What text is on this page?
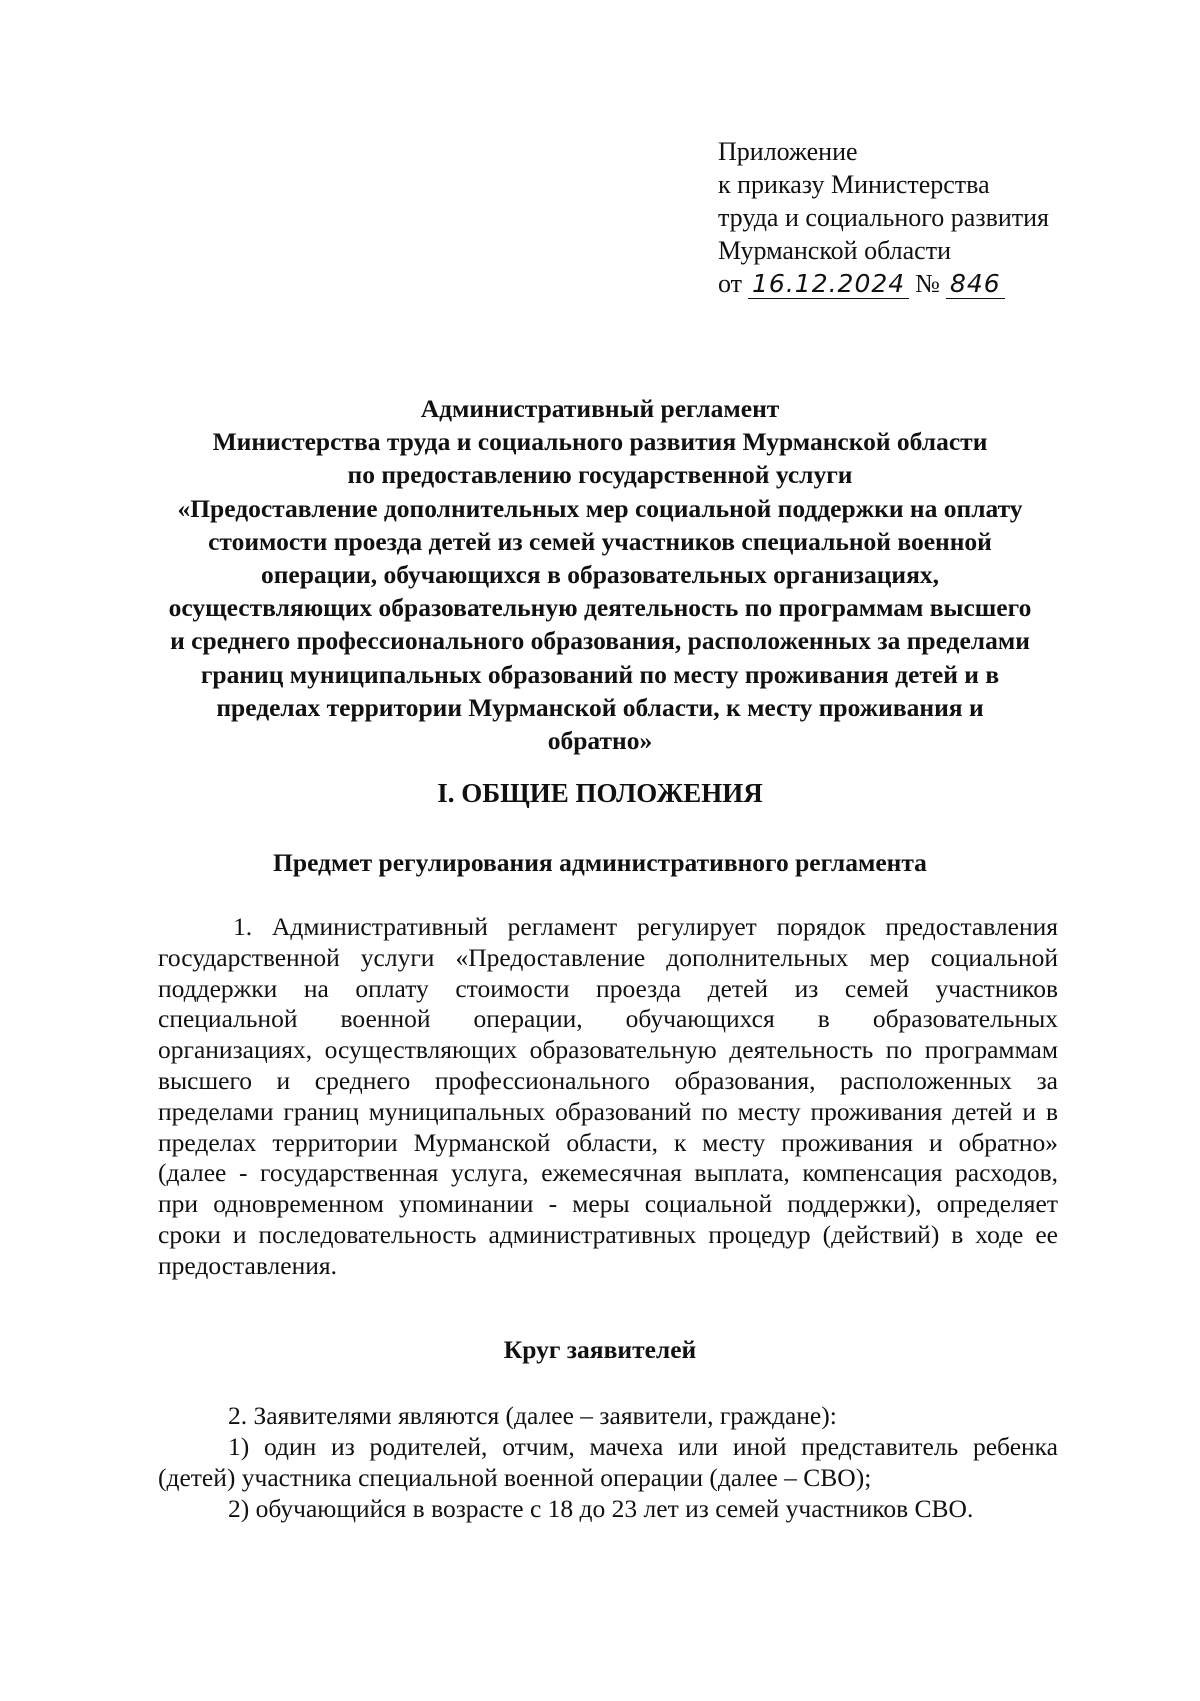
Приложение
к приказу Министерства
труда и социального развития
Мурманской области
от 16.12.2024 № 846
Административный регламент
Министерства труда и социального развития Мурманской области
по предоставлению государственной услуги
«Предоставление дополнительных мер социальной поддержки на оплату
стоимости проезда детей из семей участников специальной военной
операции, обучающихся в образовательных организациях,
осуществляющих образовательную деятельность по программам высшего
и среднего профессионального образования, расположенных за пределами
границ муниципальных образований по месту проживания детей и в
пределах территории Мурманской области, к месту проживания и
обратно»
I. ОБЩИЕ ПОЛОЖЕНИЯ
Предмет регулирования административного регламента
1. Административный регламент регулирует порядок предоставления
государственной услуги «Предоставление дополнительных мер социальной
поддержки на оплату стоимости проезда детей из семей участников
специальной военной операции, обучающихся в образовательных
организациях, осуществляющих образовательную деятельность по программам
высшего и среднего профессионального образования, расположенных за
пределами границ муниципальных образований по месту проживания детей и в
пределах территории Мурманской области, к месту проживания и обратно»
(далее - государственная услуга, ежемесячная выплата, компенсация расходов,
при одновременном упоминании - меры социальной поддержки), определяет
сроки и последовательность административных процедур (действий) в ходе ее
предоставления.
Круг заявителей
2. Заявителями являются (далее – заявители, граждане):
1) один из родителей, отчим, мачеха или иной представитель ребенка
(детей) участника специальной военной операции (далее – СВО);
2) обучающийся в возрасте с 18 до 23 лет из семей участников СВО.
